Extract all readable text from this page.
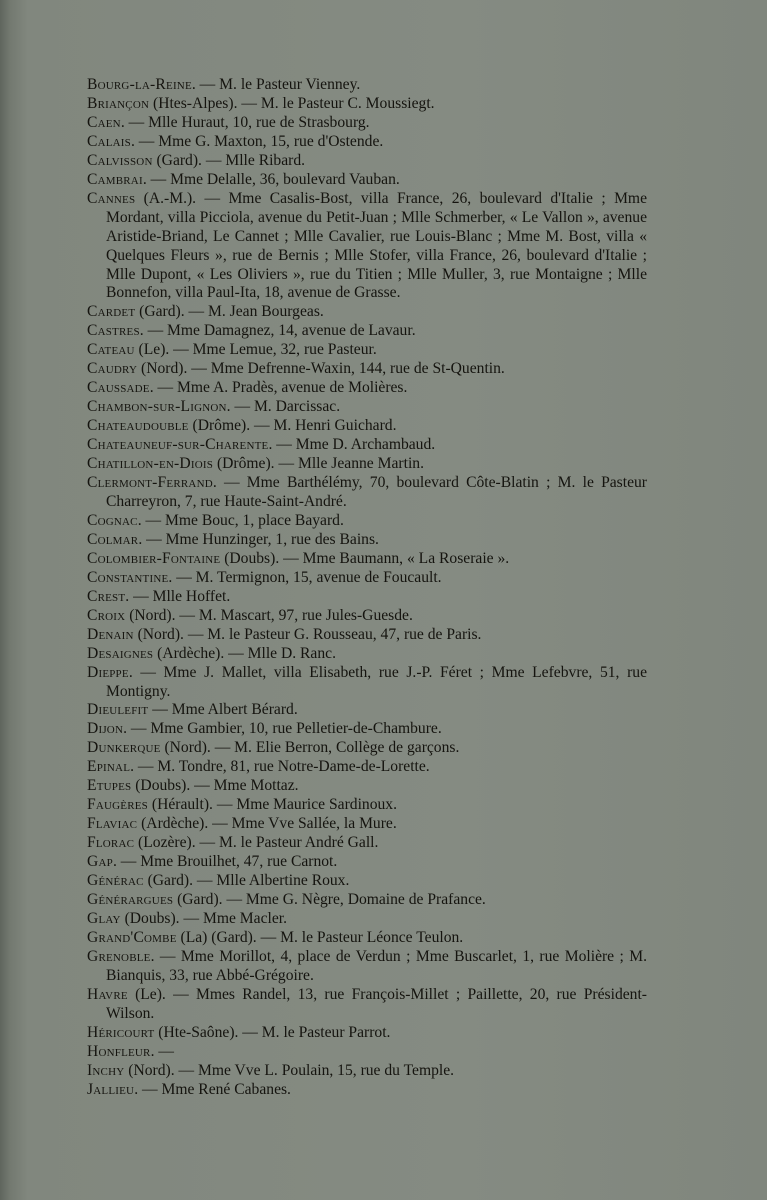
Bourg-la-Reine. — M. le Pasteur Vienney.

Briançon (Htes-Alpes). — M. le Pasteur C. Moussiegt.

Caen. — Mlle Huraut, 10, rue de Strasbourg.

Calais. — Mme G. Maxton, 15, rue d'Ostende.

Calvisson (Gard). — Mlle Ribard.

Cambrai. — Mme Delalle, 36, boulevard Vauban.

Cannes (A.-M.). — Mme Casalis-Bost, villa France, 26, boulevard d'Italie ; Mme Mordant, villa Picciola, avenue du Petit-Juan ; Mlle Schmerber, « Le Vallon », avenue Aristide-Briand, Le Cannet ; Mlle Cavalier, rue Louis-Blanc ; Mme M. Bost, villa « Quelques Fleurs », rue de Bernis ; Mlle Stofer, villa France, 26, boulevard d'Italie ; Mlle Dupont, « Les Oliviers », rue du Titien ; Mlle Muller, 3, rue Montaigne ; Mlle Bonnefon, villa Paul-Ita, 18, avenue de Grasse.

Cardet (Gard). — M. Jean Bourgeas.

Castres. — Mme Damagnez, 14, avenue de Lavaur.

Cateau (Le). — Mme Lemue, 32, rue Pasteur.

Caudry (Nord). — Mme Defrenne-Waxin, 144, rue de St-Quentin.

Caussade. — Mme A. Pradès, avenue de Molières.

Chambon-sur-Lignon. — M. Darcissac.

Chateaudouble (Drôme). — M. Henri Guichard.

Chateauneuf-sur-Charente. — Mme D. Archambaud.

Chatillon-en-Diois (Drôme). — Mlle Jeanne Martin.

Clermont-Ferrand. — Mme Barthélémy, 70, boulevard Côte-Blatin ; M. le Pasteur Charreyron, 7, rue Haute-Saint-André.

Cognac. — Mme Bouc, 1, place Bayard.

Colmar. — Mme Hunzinger, 1, rue des Bains.

Colombier-Fontaine (Doubs). — Mme Baumann, « La Roseraie ».

Constantine. — M. Termignon, 15, avenue de Foucault.

Crest. — Mlle Hoffet.

Croix (Nord). — M. Mascart, 97, rue Jules-Guesde.

Denain (Nord). — M. le Pasteur G. Rousseau, 47, rue de Paris.

Desaignes (Ardèche). — Mlle D. Ranc.

Dieppe. — Mme J. Mallet, villa Elisabeth, rue J.-P. Féret ; Mme Lefebvre, 51, rue Montigny.

Dieulefit — Mme Albert Bérard.

Dijon. — Mme Gambier, 10, rue Pelletier-de-Chambure.

Dunkerque (Nord). — M. Elie Berron, Collège de garçons.

Epinal. — M. Tondre, 81, rue Notre-Dame-de-Lorette.

Etupes (Doubs). — Mme Mottaz.

Faugères (Hérault). — Mme Maurice Sardinoux.

Flaviac (Ardèche). — Mme Vve Sallée, la Mure.

Florac (Lozère). — M. le Pasteur André Gall.

Gap. — Mme Brouilhet, 47, rue Carnot.

Générac (Gard). — Mlle Albertine Roux.

Générargues (Gard). — Mme G. Nègre, Domaine de Prafance.

Glay (Doubs). — Mme Macler.

Grand'Combe (La) (Gard). — M. le Pasteur Léonce Teulon.

Grenoble. — Mme Morillot, 4, place de Verdun ; Mme Buscarlet, 1, rue Molière ; M. Bianquis, 33, rue Abbé-Grégoire.

Havre (Le). — Mmes Randel, 13, rue François-Millet ; Paillette, 20, rue Président-Wilson.

Héricourt (Hte-Saône). — M. le Pasteur Parrot.

Honfleur. —

Inchy (Nord). — Mme Vve L. Poulain, 15, rue du Temple.

Jallieu. — Mme René Cabanes.
